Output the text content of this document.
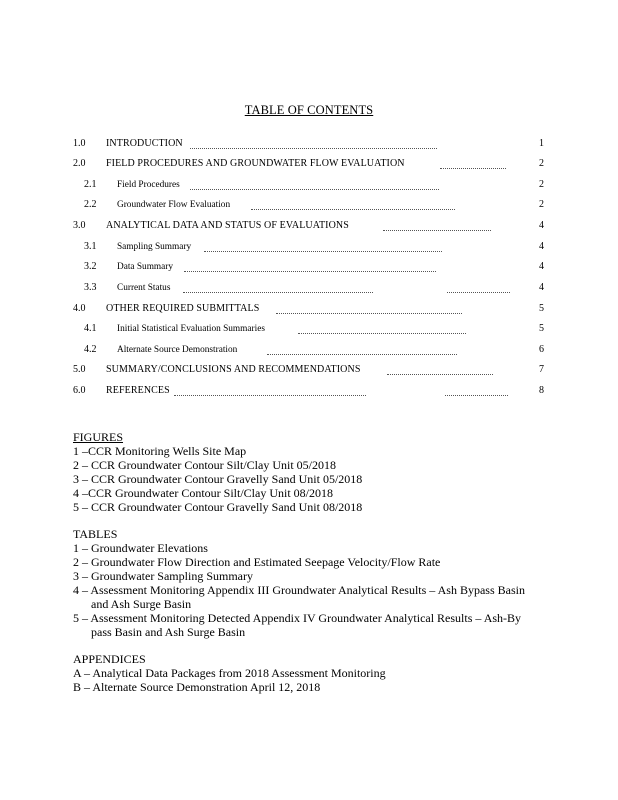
TABLE OF CONTENTS
1.0 INTRODUCTION	1
2.0 FIELD PROCEDURES AND GROUNDWATER FLOW EVALUATION	2
2.1 Field Procedures	2
2.2 Groundwater Flow Evaluation	2
3.0 ANALYTICAL DATA AND STATUS OF EVALUATIONS	4
3.1 Sampling Summary	4
3.2 Data Summary	4
3.3 Current Status	4
4.0 OTHER REQUIRED SUBMITTALS	5
4.1 Initial Statistical Evaluation Summaries	5
4.2 Alternate Source Demonstration	6
5.0 SUMMARY/CONCLUSIONS AND RECOMMENDATIONS	7
6.0 REFERENCES	8
FIGURES
1 –CCR Monitoring Wells Site Map
2 – CCR Groundwater Contour Silt/Clay Unit 05/2018
3 – CCR Groundwater Contour Gravelly Sand Unit 05/2018
4 –CCR Groundwater Contour Silt/Clay Unit 08/2018
5 – CCR Groundwater Contour Gravelly Sand Unit 08/2018
TABLES
1 – Groundwater Elevations
2 – Groundwater Flow Direction and Estimated Seepage Velocity/Flow Rate
3 – Groundwater Sampling Summary
4 – Assessment Monitoring Appendix III Groundwater Analytical Results – Ash Bypass Basin and Ash Surge Basin
5 – Assessment Monitoring Detected Appendix IV Groundwater Analytical Results – Ash-By pass Basin and Ash Surge Basin
APPENDICES
A – Analytical Data Packages from 2018 Assessment Monitoring
B – Alternate Source Demonstration April 12, 2018
